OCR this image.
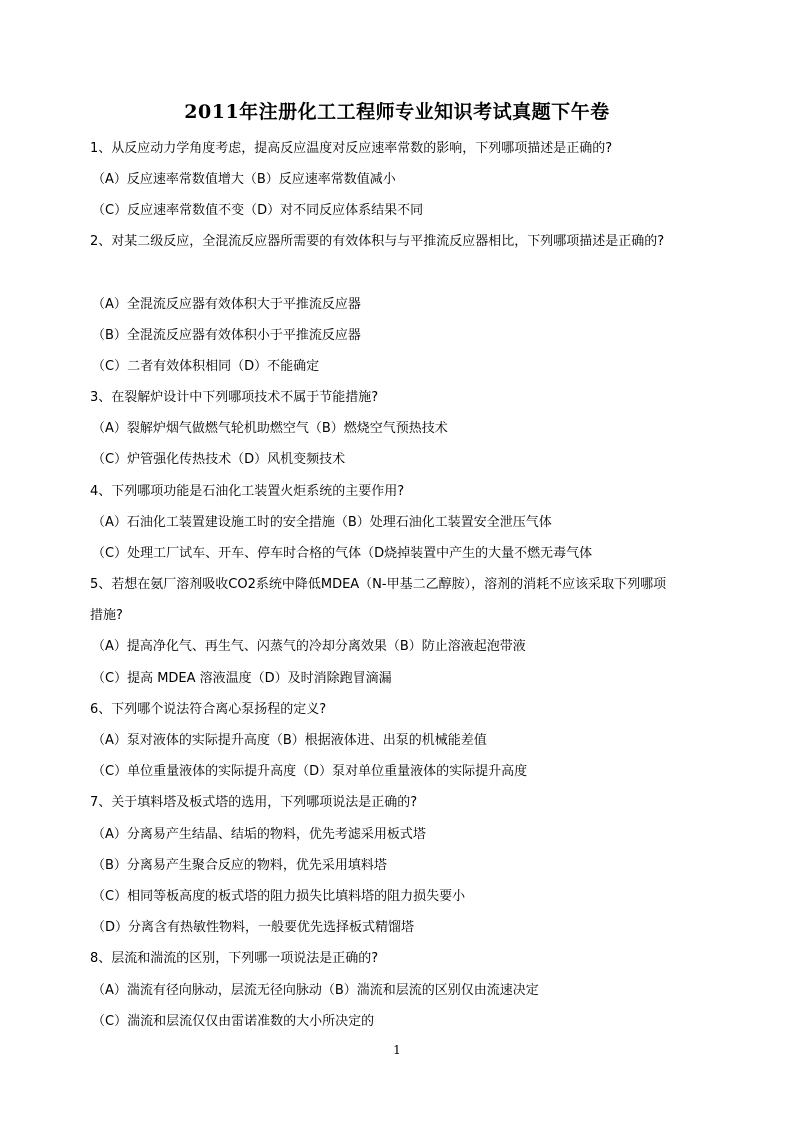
2011年注册化工工程师专业知识考试真题下午卷
1、从反应动力学角度考虑，提高反应温度对反应速率常数的影响，下列哪项描述是正确的?
（A）反应速率常数值增大（B）反应速率常数值减小
（C）反应速率常数值不变（D）对不同反应体系结果不同
2、对某二级反应，全混流反应器所需要的有效体积与与平推流反应器相比，下列哪项描述是正确的?
（A）全混流反应器有效体积大于平推流反应器
（B）全混流反应器有效体积小于平推流反应器
（C）二者有效体积相同（D）不能确定
3、在裂解炉设计中下列哪项技术不属于节能措施?
（A）裂解炉烟气做燃气轮机助燃空气（B）燃烧空气预热技术
（C）炉管强化传热技术（D）风机变频技术
4、下列哪项功能是石油化工装置火炬系统的主要作用?
（A）石油化工装置建设施工时的安全措施（B）处理石油化工装置安全泄压气体
（C）处理工厂试车、开车、停车时合格的气体（D烧掉装置中产生的大量不燃无毒气体
5、若想在氨厂溶剂吸收CO2系统中降低MDEA（N-甲基二乙醇胺），溶剂的消耗不应该采取下列哪项
措施?
（A）提高净化气、再生气、闪蒸气的冷却分离效果（B）防止溶液起泡带液
（C）提高 MDEA 溶液温度（D）及时消除跑冒滴漏
6、下列哪个说法符合离心泵扬程的定义?
（A）泵对液体的实际提升高度（B）根据液体进、出泵的机械能差值
（C）单位重量液体的实际提升高度（D）泵对单位重量液体的实际提升高度
7、关于填料塔及板式塔的选用，下列哪项说法是正确的?
（A）分离易产生结晶、结垢的物料，优先考滤采用板式塔
（B）分离易产生聚合反应的物料，优先采用填料塔
（C）相同等板高度的板式塔的阻力损失比填料塔的阻力损失要小
（D）分离含有热敏性物料，一般要优先选择板式精馏塔
8、层流和湍流的区别，下列哪一项说法是正确的?
（A）湍流有径向脉动，层流无径向脉动（B）湍流和层流的区别仅由流速决定
（C）湍流和层流仅仅由雷诺准数的大小所决定的
1
